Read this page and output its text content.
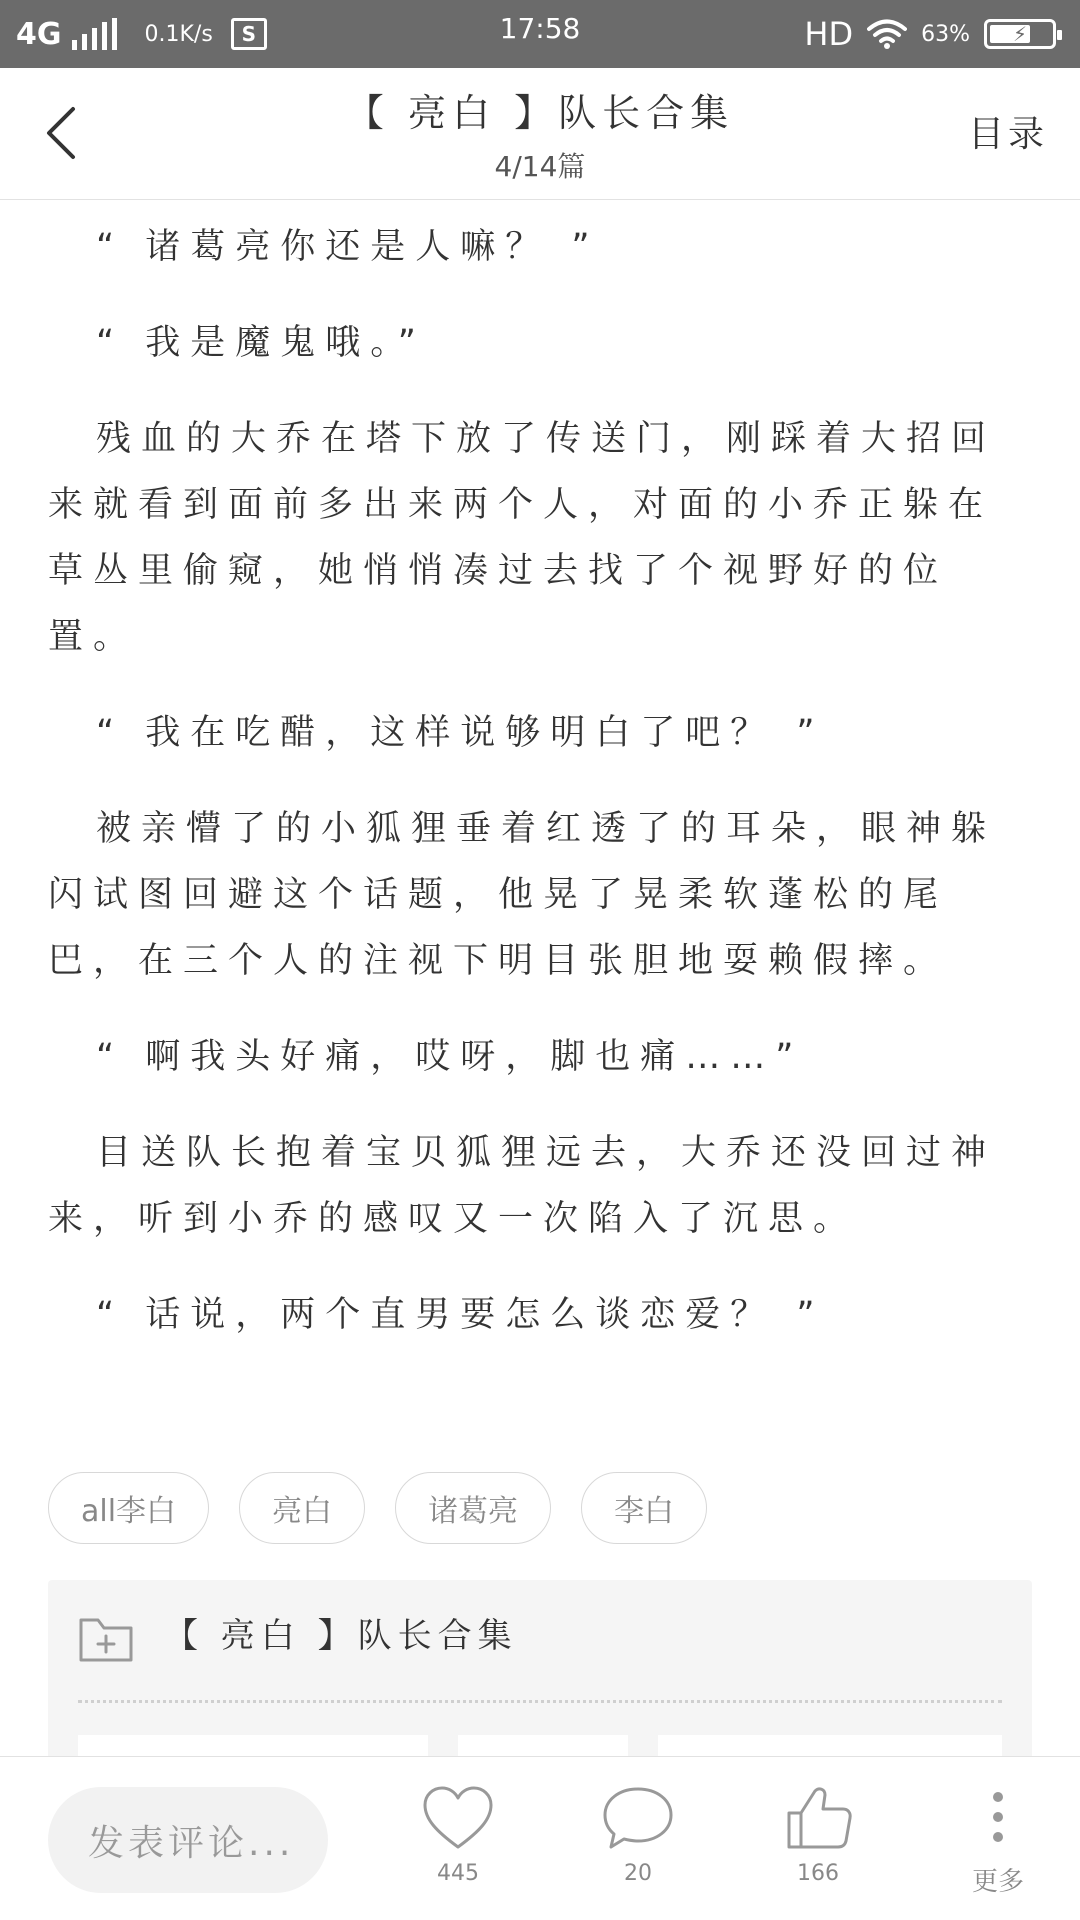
4G	0.1K/s	S	17:58	HD	63% ⚡
【 亮白 】队长合集
4/14篇
目录

“ 诸葛亮你还是人嘛？ ”

“ 我是魔鬼哦。”

残血的大乔在塔下放了传送门，刚踩着大招回来就看到面前多出来两个人，对面的小乔正躲在草丛里偷窥，她悄悄凑过去找了个视野好的位置。

“ 我在吃醋，这样说够明白了吧？ ”

被亲懵了的小狐狸垂着红透了的耳朵，眼神躲闪试图回避这个话题，他晃了晃柔软蓬松的尾巴，在三个人的注视下明目张胆地耍赖假摔。

“ 啊我头好痛，哎呀，脚也痛……”

目送队长抱着宝贝狐狸远去，大乔还没回过神来，听到小乔的感叹又一次陷入了沉思。

“ 话说，两个直男要怎么谈恋爱？ ”

all李白	亮白	诸葛亮	李白
【 亮白 】队长合集
发表评论...
445	20	166	更多
